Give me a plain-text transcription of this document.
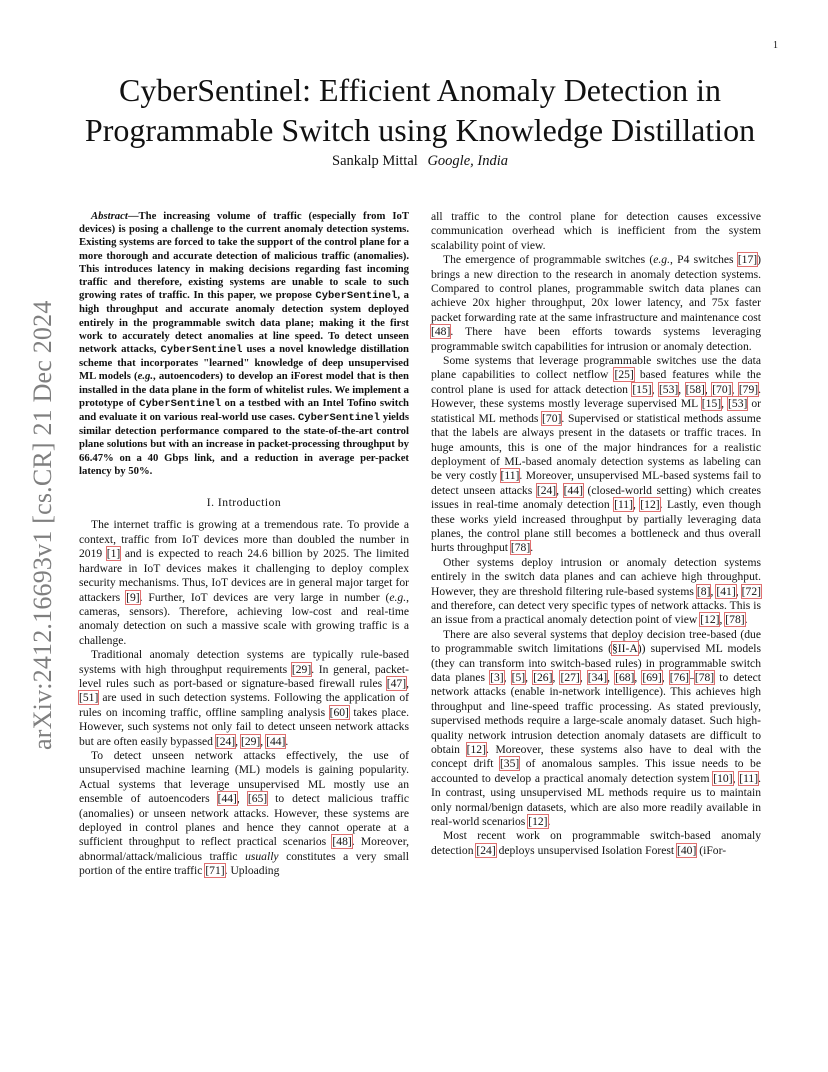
1
arXiv:2412.16693v1 [cs.CR] 21 Dec 2024
CyberSentinel: Efficient Anomaly Detection in
Programmable Switch using Knowledge Distillation
Sankalp Mittal Google, India

Abstract—The increasing volume of traffic (especially from IoT devices) is posing a challenge to the current anomaly detection systems. Existing systems are forced to take the support of the control plane for a more thorough and accurate detection of malicious traffic (anomalies). This introduces latency in making decisions regarding fast incoming traffic and therefore, existing systems are unable to scale to such growing rates of traffic. In this paper, we propose CyberSentinel, a high throughput and accurate anomaly detection system deployed entirely in the programmable switch data plane; making it the first work to accurately detect anomalies at line speed. To detect unseen network attacks, CyberSentinel uses a novel knowledge distillation scheme that incorporates "learned" knowledge of deep unsupervised ML models (e.g., autoencoders) to develop an iForest model that is then installed in the data plane in the form of whitelist rules. We implement a prototype of CyberSentinel on a testbed with an Intel Tofino switch and evaluate it on various real-world use cases. CyberSentinel yields similar detection performance compared to the state-of-the-art control plane solutions but with an increase in packet-processing throughput by 66.47% on a 40 Gbps link, and a reduction in average per-packet latency by 50%.

I. Introduction

The internet traffic is growing at a tremendous rate. To provide a context, traffic from IoT devices more than doubled the number in 2019 [1] and is expected to reach 24.6 billion by 2025. The limited hardware in IoT devices makes it challenging to deploy complex security mechanisms. Thus, IoT devices are in general major target for attackers [9]. Further, IoT devices are very large in number (e.g., cameras, sensors). Therefore, achieving low-cost and real-time anomaly detection on such a massive scale with growing traffic is a challenge.

Traditional anomaly detection systems are typically rule-based systems with high throughput requirements [29]. In general, packet-level rules such as port-based or signature-based firewall rules [47], [51] are used in such detection systems. Following the application of rules on incoming traffic, offline sampling analysis [60] takes place. However, such systems not only fail to detect unseen network attacks but are often easily bypassed [24], [29], [44].

To detect unseen network attacks effectively, the use of unsupervised machine learning (ML) models is gaining popularity. Actual systems that leverage unsupervised ML mostly use an ensemble of autoencoders [44], [65] to detect malicious traffic (anomalies) or unseen network attacks. However, these systems are deployed in control planes and hence they cannot operate at a sufficient throughput to reflect practical scenarios [48]. Moreover, abnormal/attack/malicious traffic usually constitutes a very small portion of the entire traffic [71]. Uploading

all traffic to the control plane for detection causes excessive communication overhead which is inefficient from the system scalability point of view.

The emergence of programmable switches (e.g., P4 switches [17]) brings a new direction to the research in anomaly detection systems. Compared to control planes, programmable switch data planes can achieve 20x higher throughput, 20x lower latency, and 75x faster packet forwarding rate at the same infrastructure and maintenance cost [48]. There have been efforts towards systems leveraging programmable switch capabilities for intrusion or anomaly detection.

Some systems that leverage programmable switches use the data plane capabilities to collect netflow [25] based features while the control plane is used for attack detection [15], [53], [58], [70], [79]. However, these systems mostly leverage supervised ML [15], [53] or statistical ML methods [70]. Supervised or statistical methods assume that the labels are always present in the datasets or traffic traces. In huge amounts, this is one of the major hindrances for a realistic deployment of ML-based anomaly detection systems as labeling can be very costly [11]. Moreover, unsupervised ML-based systems fail to detect unseen attacks [24], [44] (closed-world setting) which creates issues in real-time anomaly detection [11], [12]. Lastly, even though these works yield increased throughput by partially leveraging data planes, the control plane still becomes a bottleneck and thus overall hurts throughput [78].

Other systems deploy intrusion or anomaly detection systems entirely in the switch data planes and can achieve high throughput. However, they are threshold filtering rule-based systems [8], [41], [72] and therefore, can detect very specific types of network attacks. This is an issue from a practical anomaly detection point of view [12], [78].

There are also several systems that deploy decision tree-based (due to programmable switch limitations (§II-A)) supervised ML models (they can transform into switch-based rules) in programmable switch data planes [3], [5], [26], [27], [34], [68], [69], [76]–[78] to detect network attacks (enable in-network intelligence). This achieves high throughput and line-speed traffic processing. As stated previously, supervised methods require a large-scale anomaly dataset. Such high-quality network intrusion detection anomaly datasets are difficult to obtain [12]. Moreover, these systems also have to deal with the concept drift [35] of anomalous samples. This issue needs to be accounted to develop a practical anomaly detection system [10], [11]. In contrast, using unsupervised ML methods require us to maintain only normal/benign datasets, which are also more readily available in real-world scenarios [12].

Most recent work on programmable switch-based anomaly detection [24] deploys unsupervised Isolation Forest [40] (iFor-
